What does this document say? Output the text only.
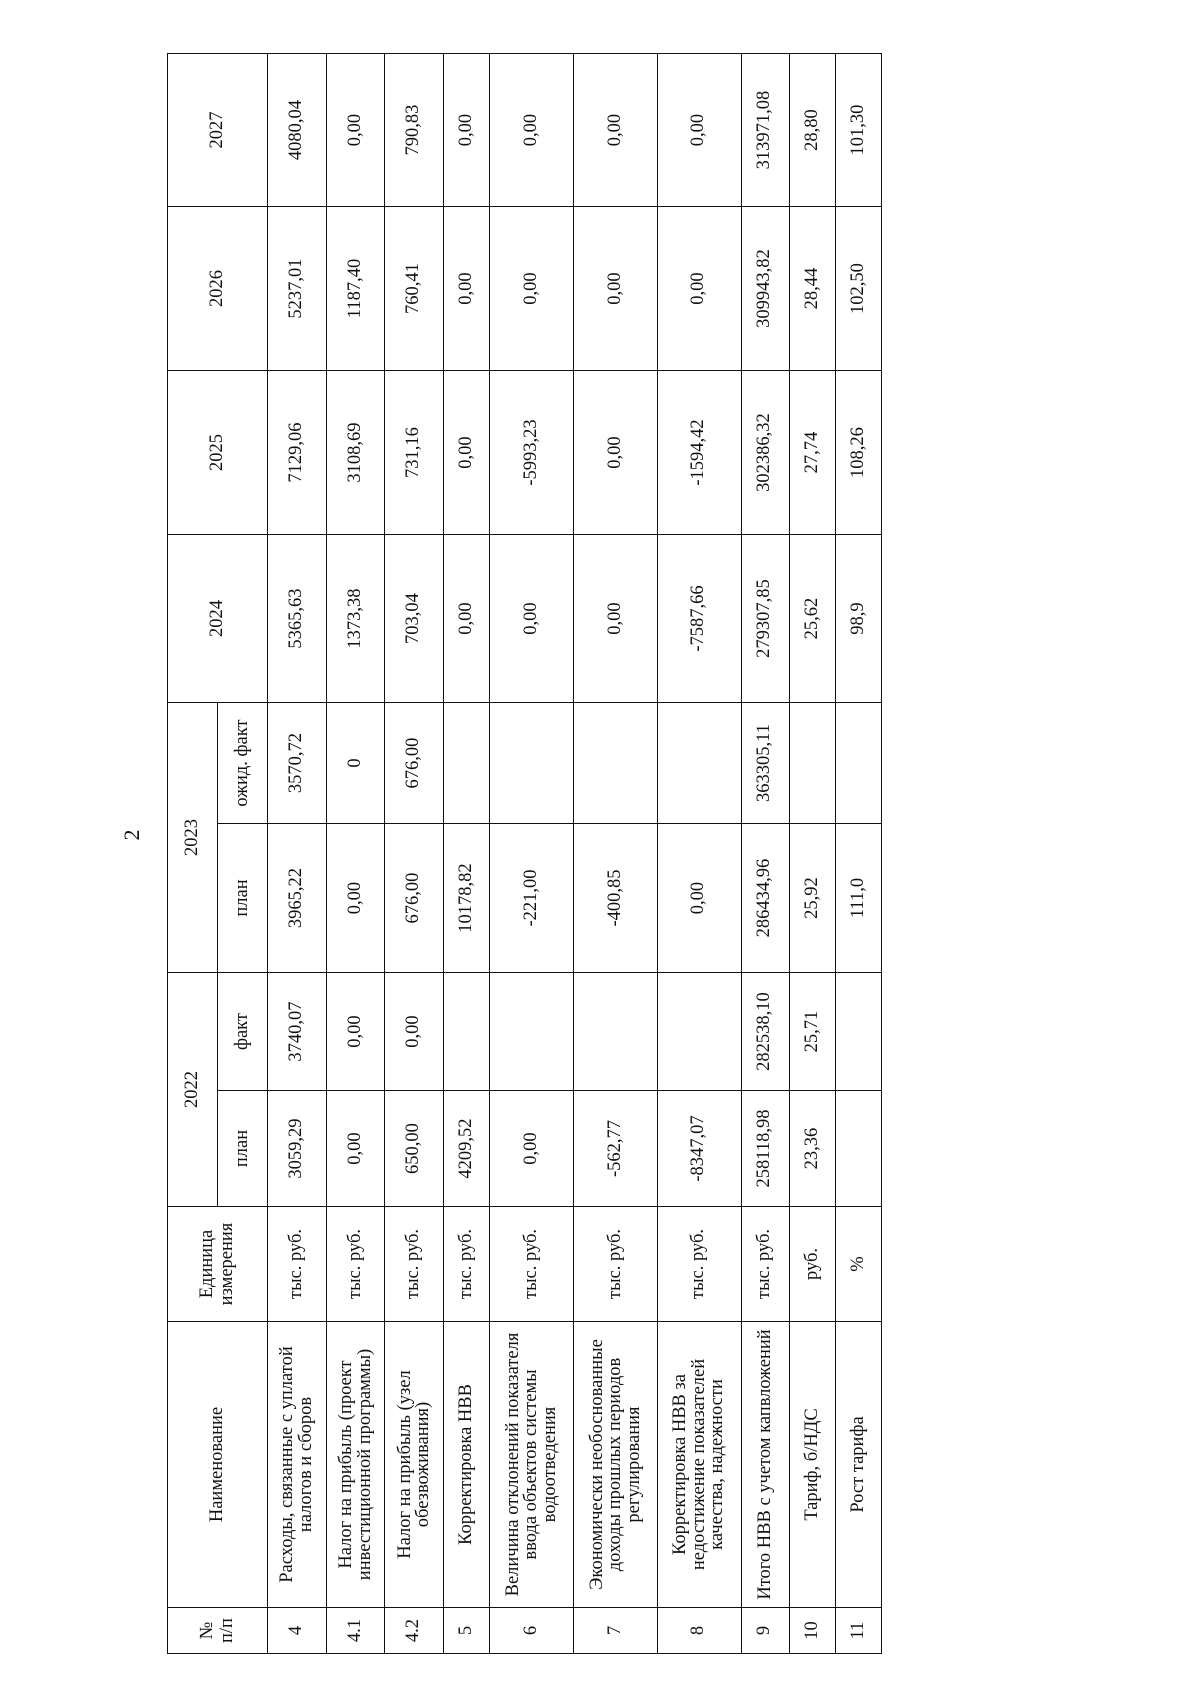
2
№ п/п	Наименование	Единица измерения	2022		2023		2024	2025	2026	2027
			план	факт	план	ожид. факт				
4	Расходы, связанные с уплатой налогов и сборов	тыс. руб.	3059,29	3740,07	3965,22	3570,72	5365,63	7129,06	5237,01	4080,04
4.1	Налог на прибыль (проект инвестиционной программы)	тыс. руб.	0,00	0,00	0,00	0	1373,38	3108,69	1187,40	0,00
4.2	Налог на прибыль (узел обезвоживания)	тыс. руб.	650,00	0,00	676,00	676,00	703,04	731,16	760,41	790,83
5	Корректировка НВВ	тыс. руб.	4209,52		10178,82		0,00	0,00	0,00	0,00
6	Величина отклонений показателя ввода объектов системы водоотведения	тыс. руб.	0,00		-221,00		0,00	-5993,23	0,00	0,00
7	Экономически необоснованные доходы прошлых периодов регулирования	тыс. руб.	-562,77		-400,85		0,00	0,00	0,00	0,00
8	Корректировка НВВ за недостижение показателей качества, надежности	тыс. руб.	-8347,07		0,00		-7587,66	-1594,42	0,00	0,00
9	Итого НВВ с учетом капвложений	тыс. руб.	258118,98	282538,10	286434,96	363305,11	279307,85	302386,32	309943,82	313971,08
10	Тариф, б/НДС	руб.	23,36	25,71	25,92		25,62	27,74	28,44	28,80
11	Рост тарифа	%			111,0		98,9	108,26	102,50	101,30
